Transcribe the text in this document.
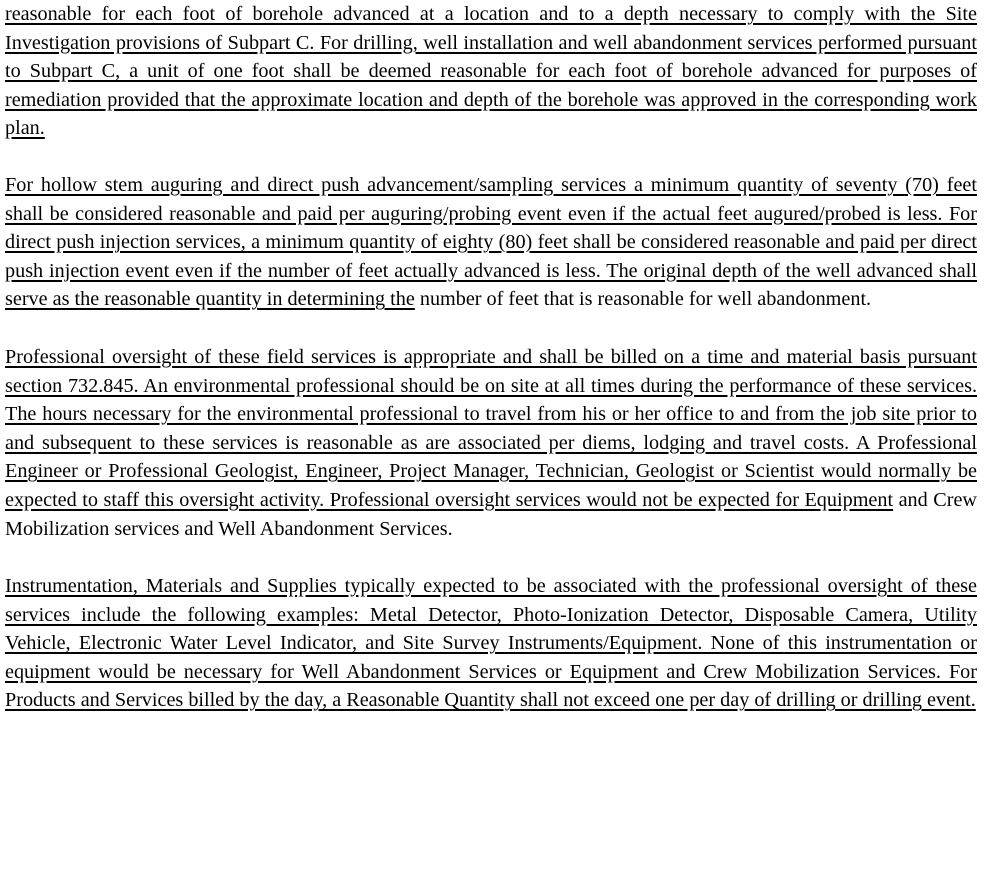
reasonable for each foot of borehole advanced at a location and to a depth necessary to comply with the Site Investigation provisions of Subpart C. For drilling, well installation and well abandonment services performed pursuant to Subpart C, a unit of one foot shall be deemed reasonable for each foot of borehole advanced for purposes of remediation provided that the approximate location and depth of the borehole was approved in the corresponding work plan.

For hollow stem auguring and direct push advancement/sampling services a minimum quantity of seventy (70) feet shall be considered reasonable and paid per auguring/probing event even if the actual feet augured/probed is less. For direct push injection services, a minimum quantity of eighty (80) feet shall be considered reasonable and paid per direct push injection event even if the number of feet actually advanced is less. The original depth of the well advanced shall serve as the reasonable quantity in determining the number of feet that is reasonable for well abandonment.

Professional oversight of these field services is appropriate and shall be billed on a time and material basis pursuant section 732.845. An environmental professional should be on site at all times during the performance of these services. The hours necessary for the environmental professional to travel from his or her office to and from the job site prior to and subsequent to these services is reasonable as are associated per diems, lodging and travel costs. A Professional Engineer or Professional Geologist, Engineer, Project Manager, Technician, Geologist or Scientist would normally be expected to staff this oversight activity. Professional oversight services would not be expected for Equipment and Crew Mobilization services and Well Abandonment Services.

Instrumentation, Materials and Supplies typically expected to be associated with the professional oversight of these services include the following examples: Metal Detector, Photo-Ionization Detector, Disposable Camera, Utility Vehicle, Electronic Water Level Indicator, and Site Survey Instruments/Equipment. None of this instrumentation or equipment would be necessary for Well Abandonment Services or Equipment and Crew Mobilization Services. For Products and Services billed by the day, a Reasonable Quantity shall not exceed one per day of drilling or drilling event.
